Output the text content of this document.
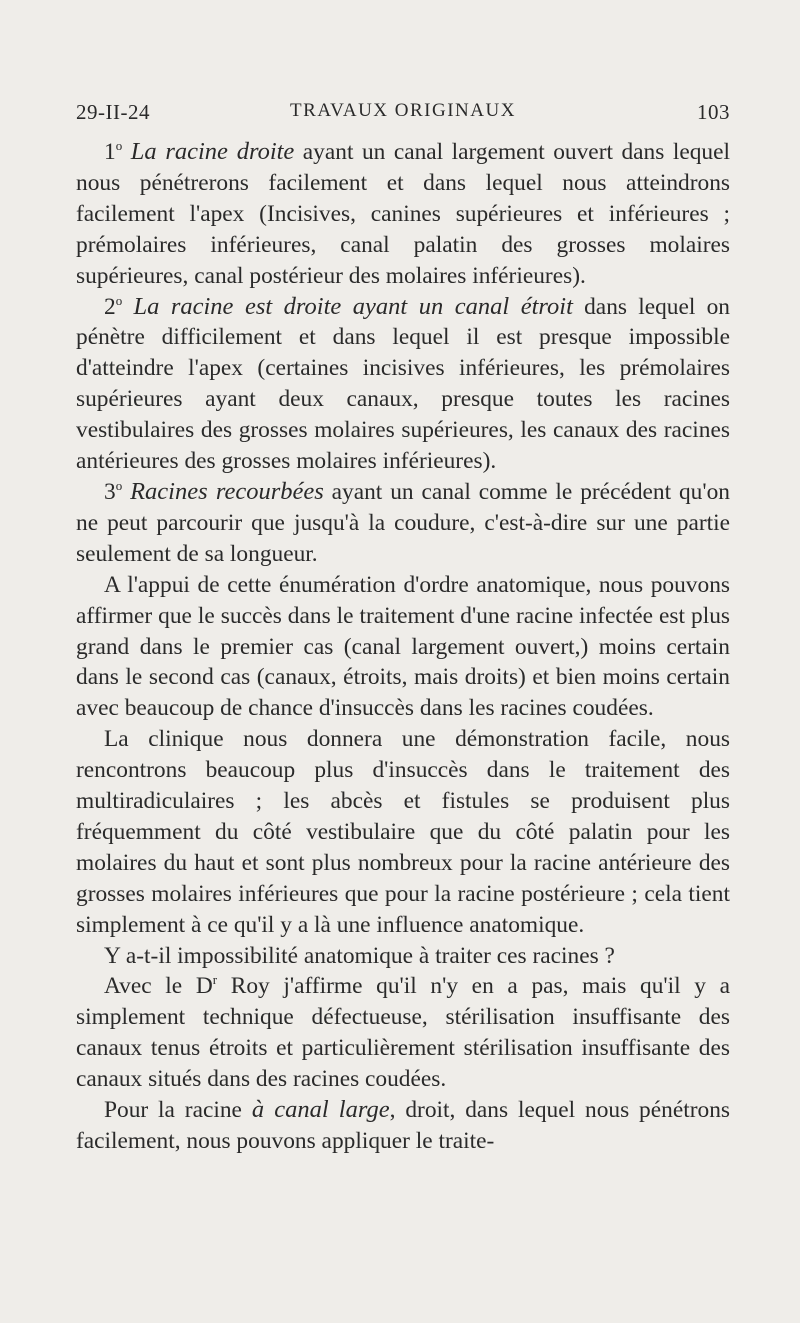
29-II-24	TRAVAUX ORIGINAUX	103

1$^o$ La racine droite ayant un canal largement ouvert dans lequel nous pénétrerons facilement et dans lequel nous atteindrons facilement l'apex (Incisives, canines supérieures et inférieures ; prémolaires inférieures, canal palatin des grosses molaires supérieures, canal postérieur des molaires inférieures).

2$^o$ La racine est droite ayant un canal étroit dans lequel on pénètre difficilement et dans lequel il est presque impossible d'atteindre l'apex (certaines incisives inférieures, les prémolaires supérieures ayant deux canaux, presque toutes les racines vestibulaires des grosses molaires supérieures, les canaux des racines antérieures des grosses molaires inférieures).

3$^o$ Racines recourbées ayant un canal comme le précédent qu'on ne peut parcourir que jusqu'à la coudure, c'est-à-dire sur une partie seulement de sa longueur.

A l'appui de cette énumération d'ordre anatomique, nous pouvons affirmer que le succès dans le traitement d'une racine infectée est plus grand dans le premier cas (canal largement ouvert,) moins certain dans le second cas (canaux, étroits, mais droits) et bien moins certain avec beaucoup de chance d'insuccès dans les racines coudées.

La clinique nous donnera une démonstration facile, nous rencontrons beaucoup plus d'insuccès dans le traitement des multiradiculaires ; les abcès et fistules se produisent plus fréquemment du côté vestibulaire que du côté palatin pour les molaires du haut et sont plus nombreux pour la racine antérieure des grosses molaires inférieures que pour la racine postérieure ; cela tient simplement à ce qu'il y a là une influence anatomique.

Y a-t-il impossibilité anatomique à traiter ces racines ?

Avec le $D^r$ Roy j'affirme qu'il n'y en a pas, mais qu'il y a simplement technique défectueuse, stérilisation insuffisante des canaux tenus étroits et particulièrement stérilisation insuffisante des canaux situés dans des racines coudées.

Pour la racine à canal large, droit, dans lequel nous pénétrons facilement, nous pouvons appliquer le traite-
